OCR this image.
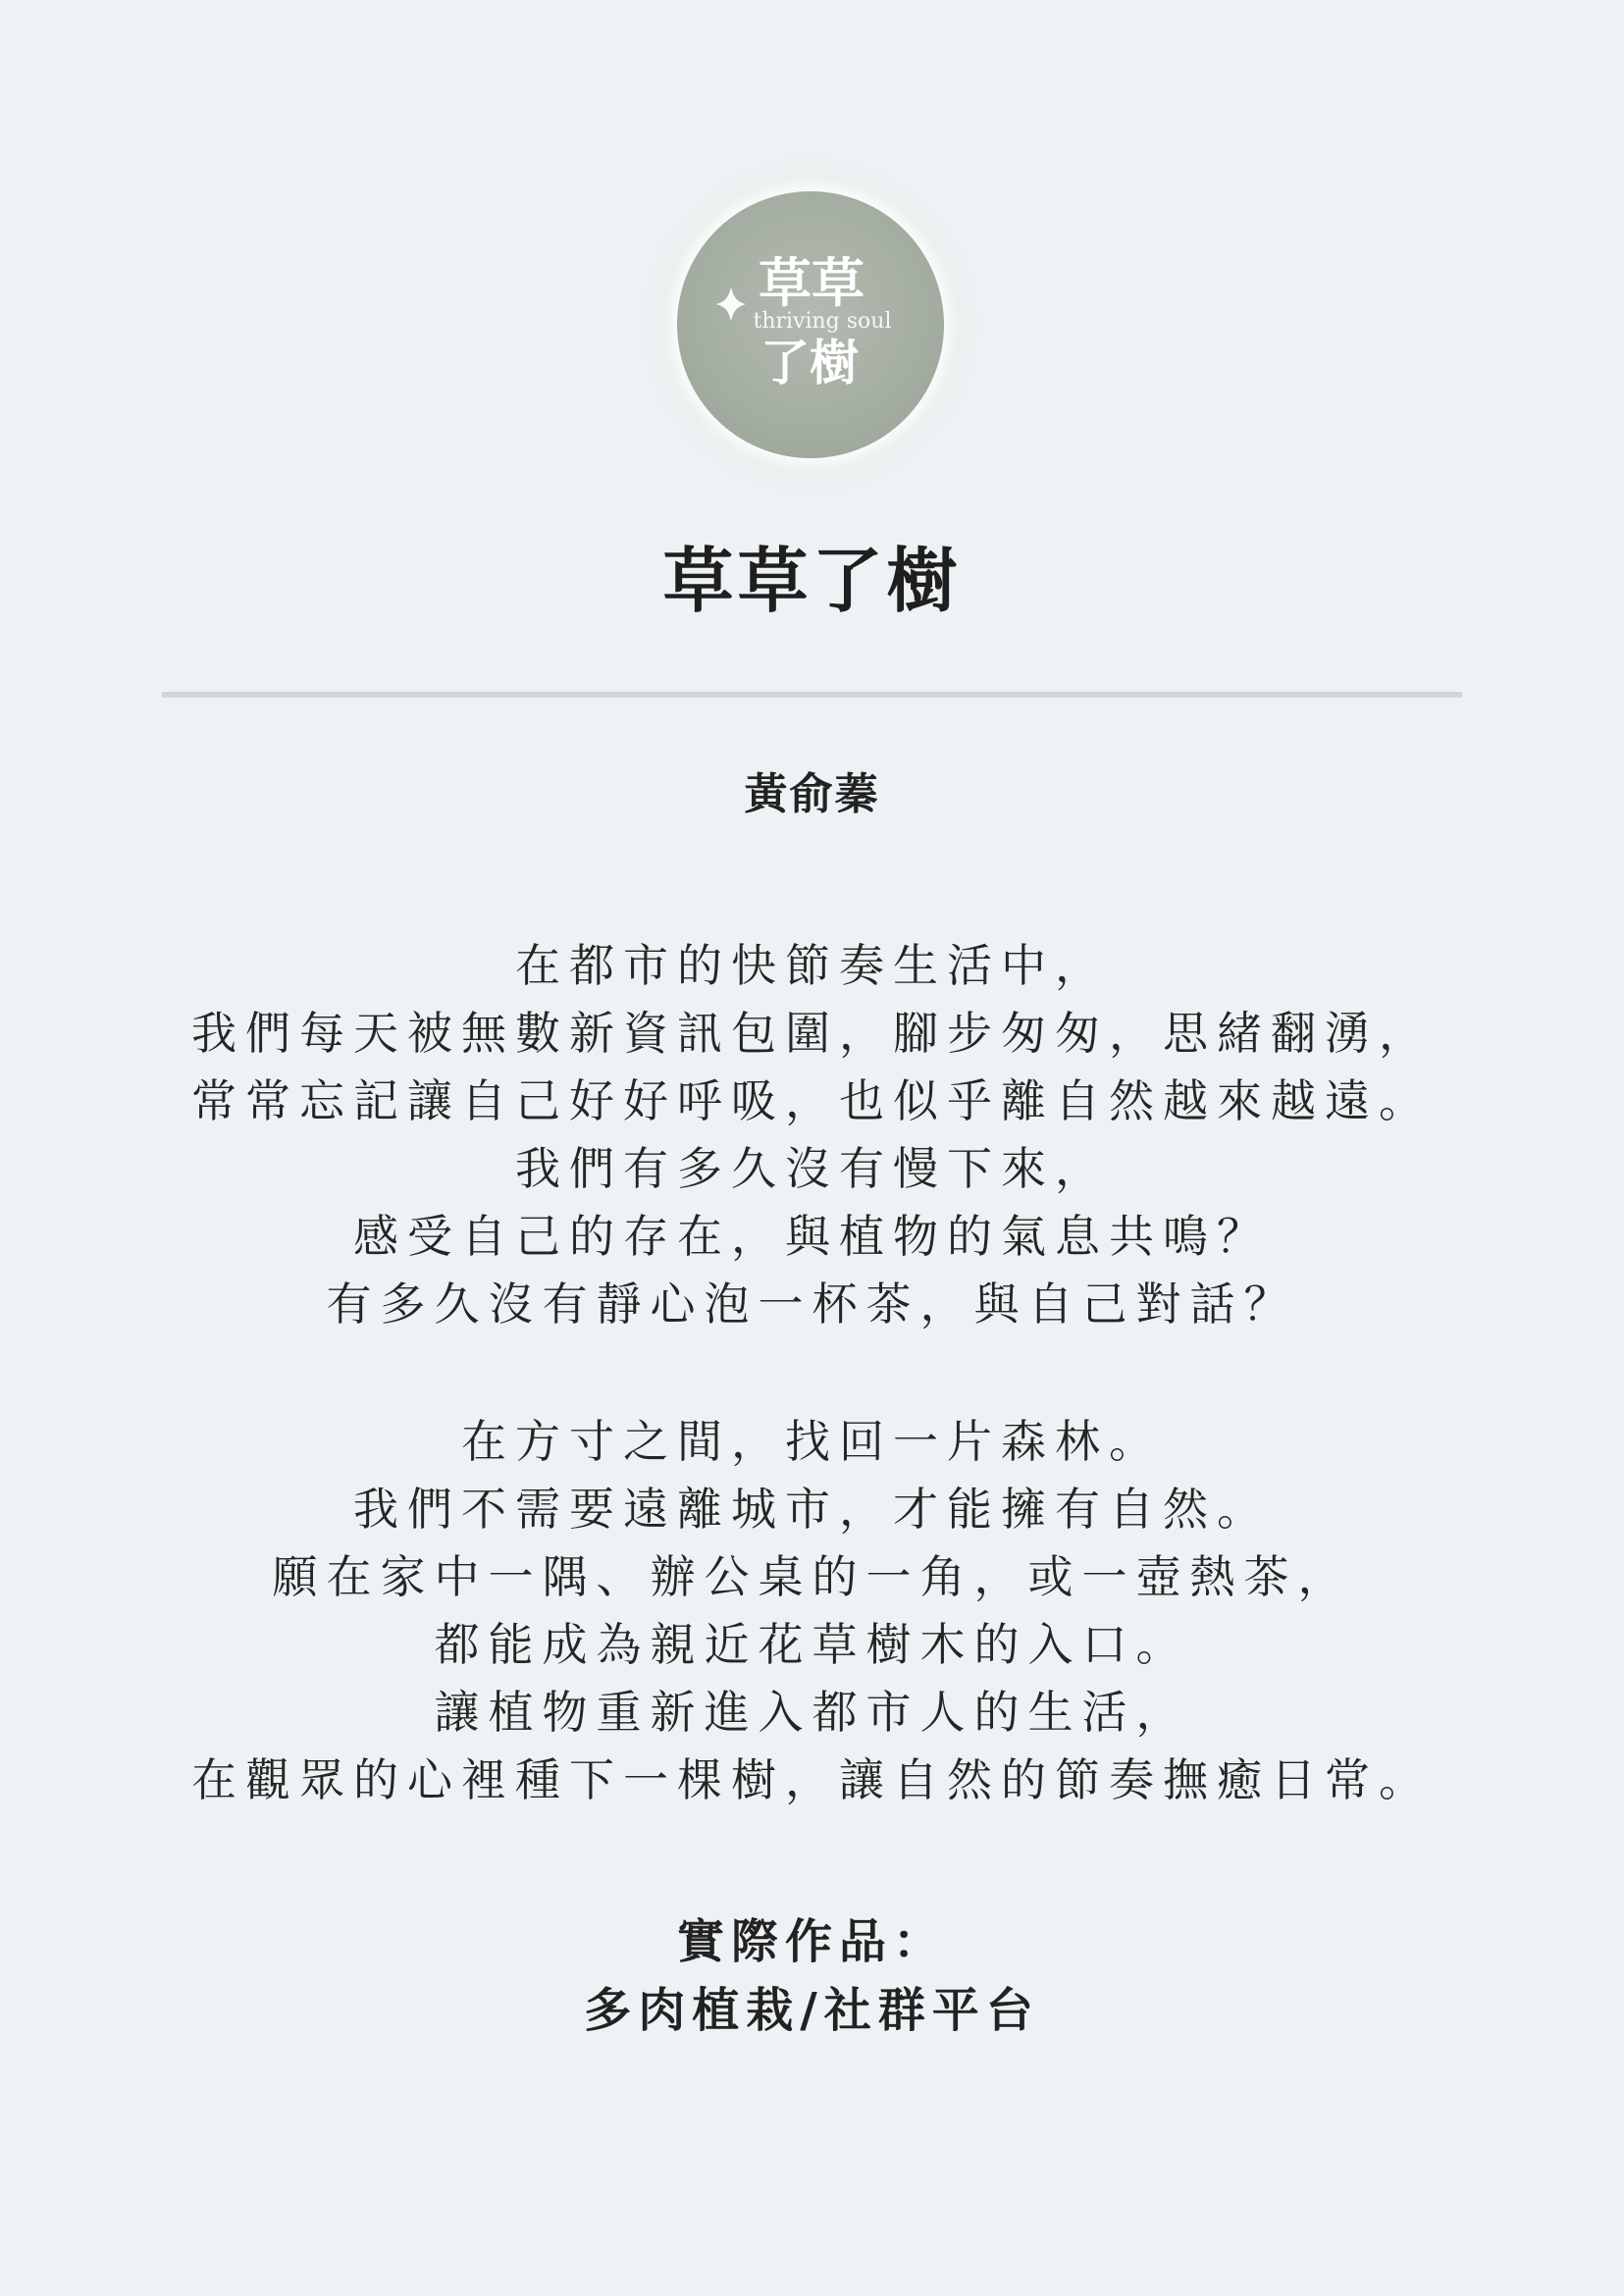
草草
thriving soul
了樹
草草了樹
黃俞蓁
在都市的快節奏生活中，
我們每天被無數新資訊包圍，腳步匆匆，思緒翻湧，
常常忘記讓自己好好呼吸，也似乎離自然越來越遠。
我們有多久沒有慢下來，
感受自己的存在，與植物的氣息共鳴？
有多久沒有靜心泡一杯茶，與自己對話？
在方寸之間，找回一片森林。
我們不需要遠離城市，才能擁有自然。
願在家中一隅、辦公桌的一角，或一壺熱茶，
都能成為親近花草樹木的入口。
讓植物重新進入都市人的生活，
在觀眾的心裡種下一棵樹，讓自然的節奏撫癒日常。
實際作品：
多肉植栽/社群平台
